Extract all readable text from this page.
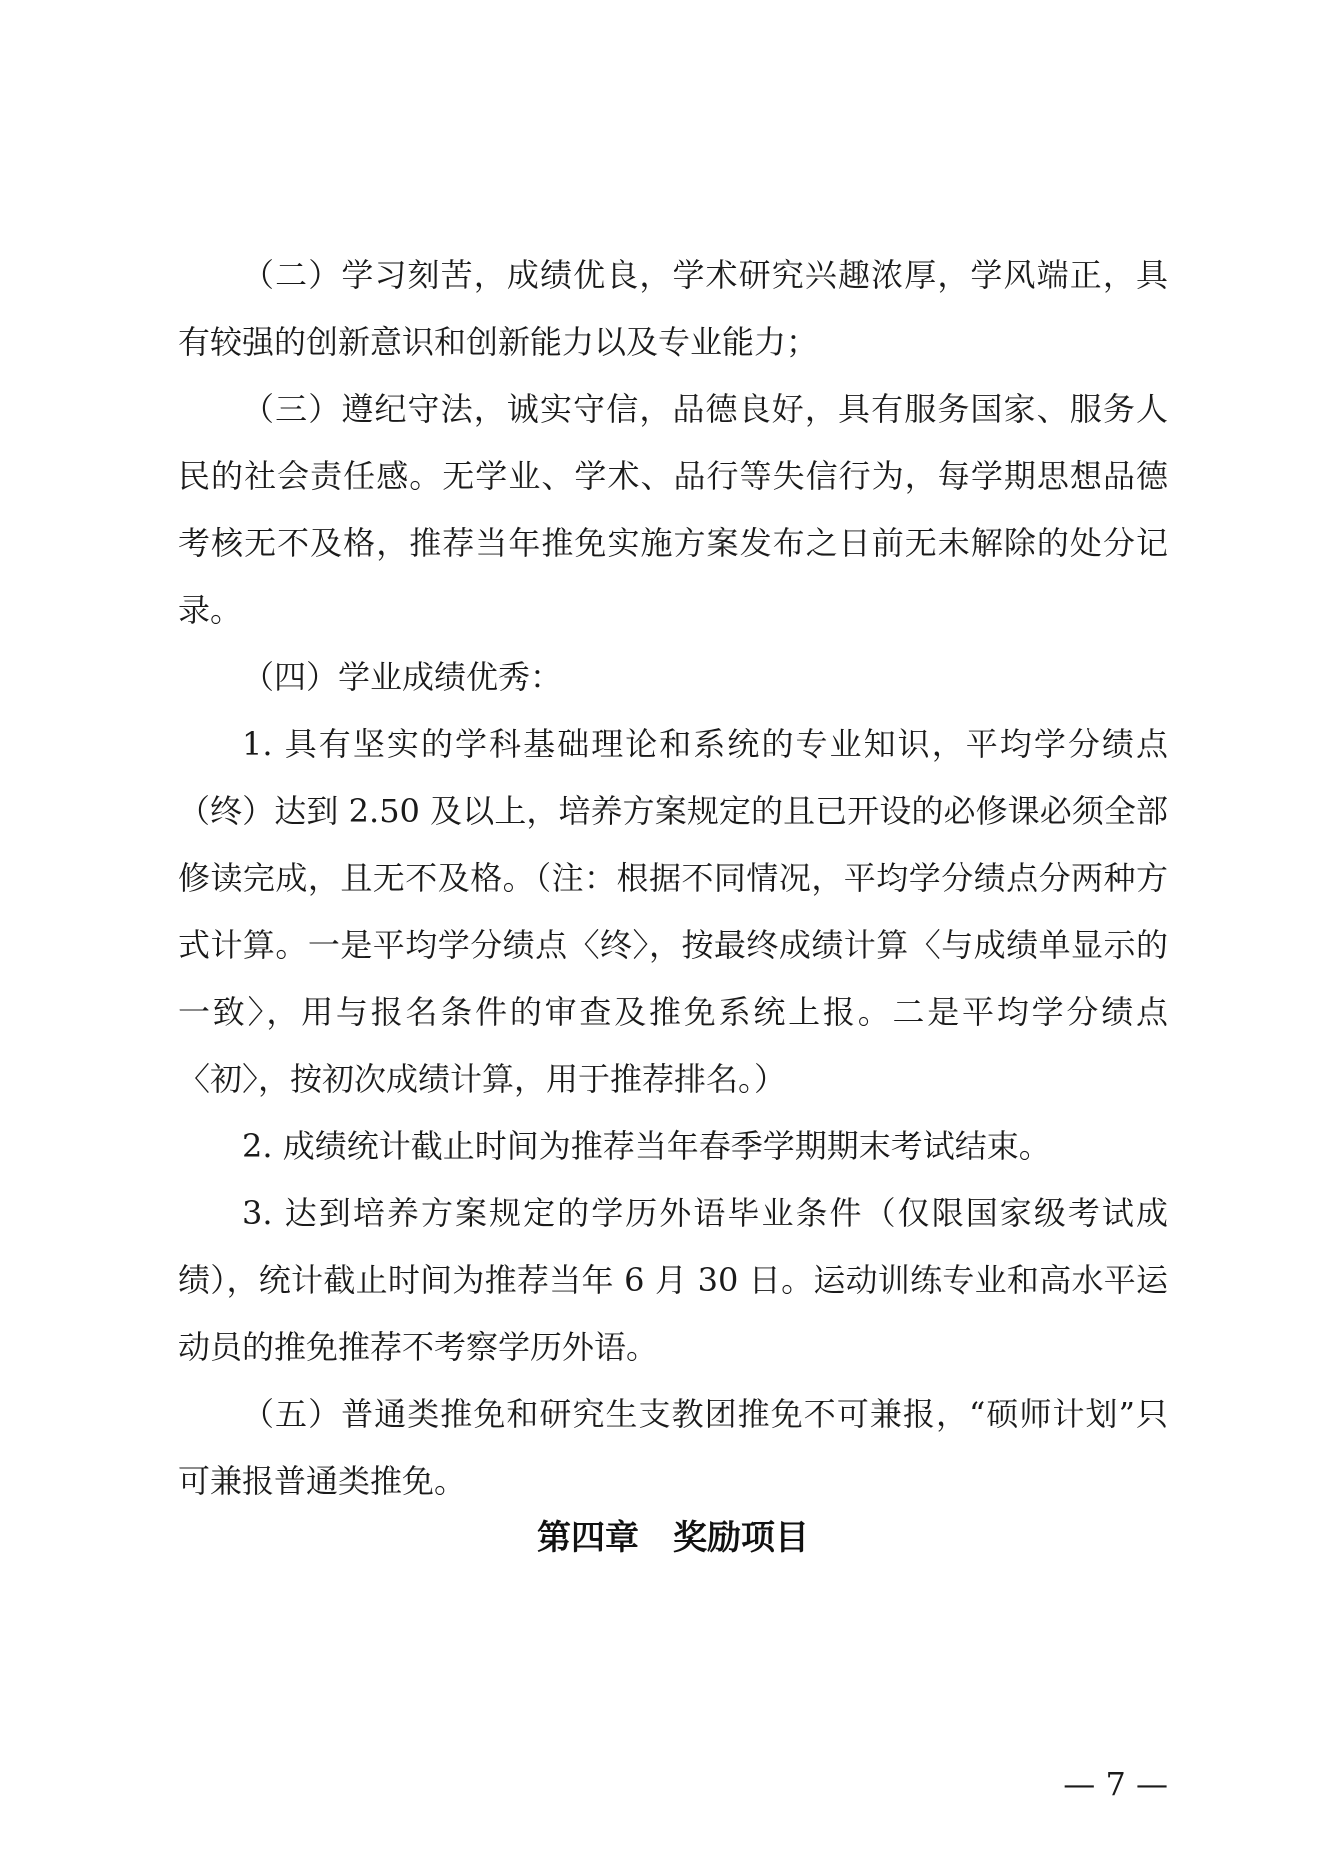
（二）学习刻苦，成绩优良，学术研究兴趣浓厚，学风端正，具有较强的创新意识和创新能力以及专业能力；

（三）遵纪守法，诚实守信，品德良好，具有服务国家、服务人民的社会责任感。无学业、学术、品行等失信行为，每学期思想品德考核无不及格，推荐当年推免实施方案发布之日前无未解除的处分记录。

（四）学业成绩优秀：

1. 具有坚实的学科基础理论和系统的专业知识，平均学分绩点（终）达到 2.50 及以上，培养方案规定的且已开设的必修课必须全部修读完成，且无不及格。（注：根据不同情况，平均学分绩点分两种方式计算。一是平均学分绩点〈终〉，按最终成绩计算〈与成绩单显示的一致〉，用与报名条件的审查及推免系统上报。二是平均学分绩点〈初〉，按初次成绩计算，用于推荐排名。）

2. 成绩统计截止时间为推荐当年春季学期期末考试结束。

3. 达到培养方案规定的学历外语毕业条件（仅限国家级考试成绩），统计截止时间为推荐当年 6 月 30 日。运动训练专业和高水平运动员的推免推荐不考察学历外语。

（五）普通类推免和研究生支教团推免不可兼报，“硕师计划”只可兼报普通类推免。

第四章　奖励项目
— 7 —
